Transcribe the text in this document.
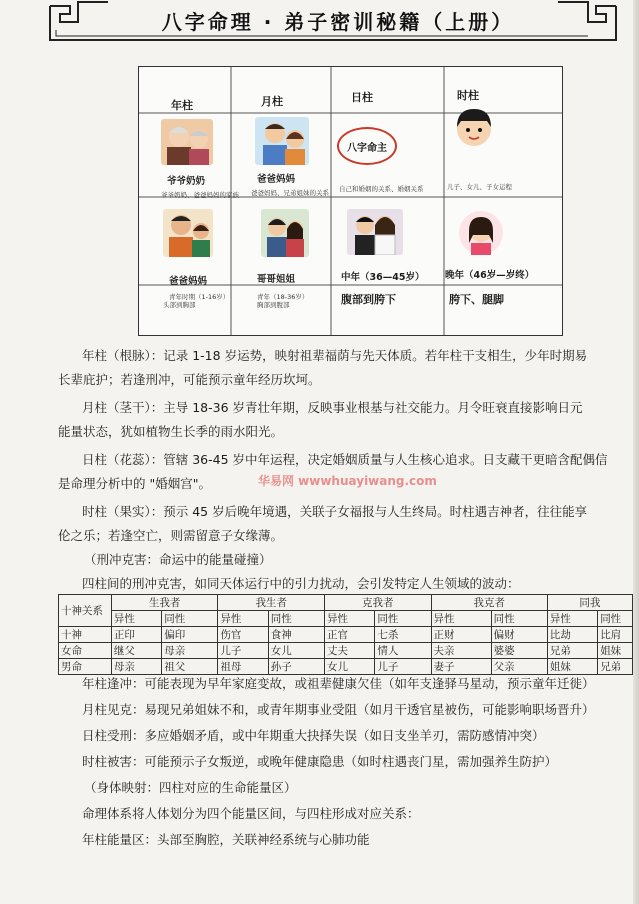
八字命理 · 弟子密训秘籍（上册）
年柱	月柱	日柱	时柱
八字命主
爷爷奶奶	爸爸妈妈
爷爷奶奶、爸爸妈妈的家族 爸爸妈妈、兄弟姐妹的关系 自己和婚姻的关系、婚姻关系	儿子、女儿、子女运程
爸爸妈妈	哥哥姐姐	中年（36—45岁） 晚年（46岁—岁终）
青年时期（1-16岁）
头部到胸部
青年（18-36岁）
胸部到腹部	腹部到胯下	胯下、腿脚
年柱（根脉）：记录 1-18 岁运势，映射祖辈福荫与先天体质。若年柱干支相生，少年时期易
长辈庇护；若逢刑冲，可能预示童年经历坎坷。
月柱（茎干）：主导 18-36 岁青壮年期，反映事业根基与社交能力。月令旺衰直接影响日元
能量状态，犹如植物生长季的雨水阳光。
日柱（花蕊）：管辖 36-45 岁中年运程，决定婚姻质量与人生核心追求。日支藏干更暗含配偶信
是命理分析中的 "婚姻宫"。
时柱（果实）：预示 45 岁后晚年境遇，关联子女福报与人生终局。时柱遇吉神者，往往能享
伦之乐；若逢空亡，则需留意子女缘薄。
（刑冲克害：命运中的能量碰撞）
四柱间的刑冲克害，如同天体运行中的引力扰动，会引发特定人生领域的波动：
华易网 wwwhuayiwang.com
十神关系	生我者		我生者		克我者		我克者		同我	
	异性	同性	异性	同性	异性	同性	异性	同性	异性	同性
十神	正印	偏印	伤官	食神	正官	七杀	正财	偏财	比劫	比肩
女命	继父	母亲	儿子	女儿	丈夫	情人	夫亲	婆婆	兄弟	姐妹
男命	母亲	祖父	祖母	孙子	女儿	儿子	妻子	父亲	姐妹	兄弟
年柱逢冲：可能表现为早年家庭变故，或祖辈健康欠佳（如年支逢驿马星动，预示童年迁徙）
月柱见克：易现兄弟姐妹不和，或青年期事业受阻（如月干透官星被伤，可能影响职场晋升）
日柱受刑：多应婚姻矛盾，或中年期重大抉择失误（如日支坐羊刃，需防感情冲突）
时柱被害：可能预示子女叛逆，或晚年健康隐患（如时柱遇丧门星，需加强养生防护）
（身体映射：四柱对应的生命能量区）
命理体系将人体划分为四个能量区间，与四柱形成对应关系：
年柱能量区：头部至胸腔，关联神经系统与心肺功能
